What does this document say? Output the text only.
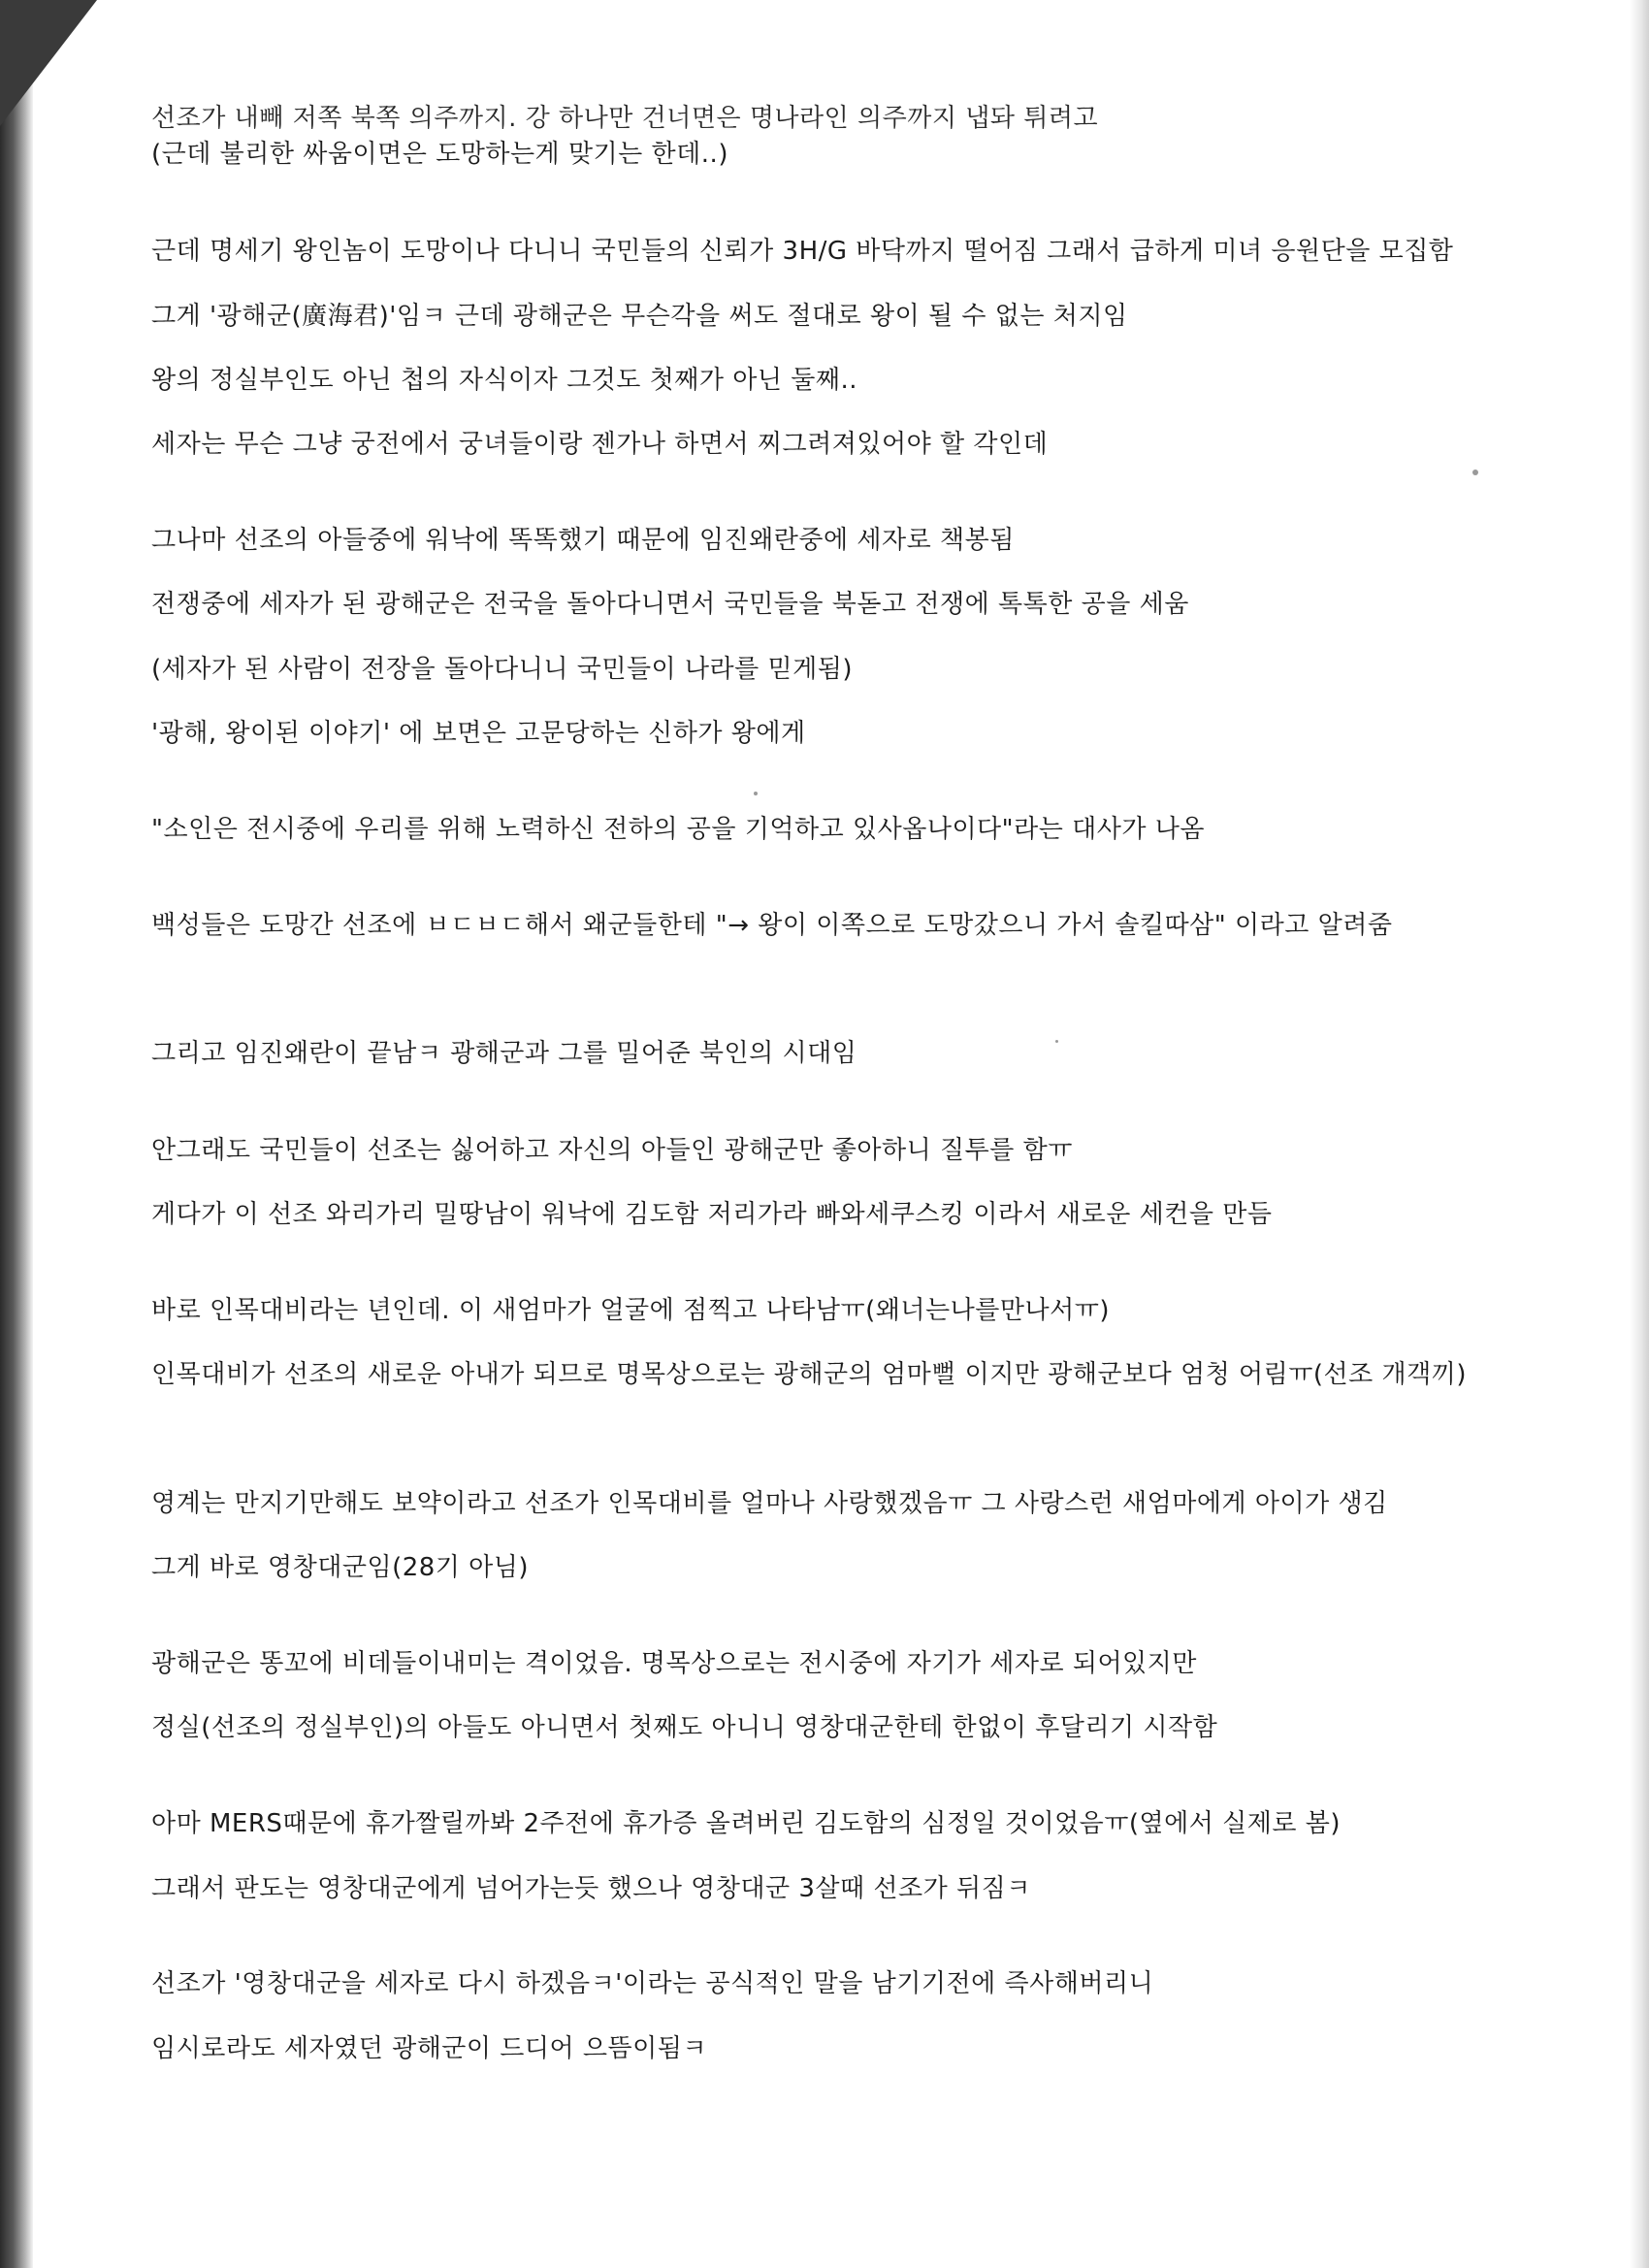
선조가 내빼 저쪽 북쪽 의주까지. 강 하나만 건너면은 명나라인 의주까지 냅돠 튀려고
(근데 불리한 싸움이면은 도망하는게 맞기는 한데..)
근데 명세기 왕인놈이 도망이나 다니니 국민들의 신뢰가 3H/G 바닥까지 떨어짐 그래서 급하게 미녀 응원단을 모집함
그게 '광해군(廣海君)'임ㅋ 근데 광해군은 무슨각을 써도 절대로 왕이 될 수 없는 처지임
왕의 정실부인도 아닌 첩의 자식이자 그것도 첫째가 아닌 둘째..
세자는 무슨 그냥 궁전에서 궁녀들이랑 젠가나 하면서 찌그려져있어야 할 각인데
그나마 선조의 아들중에 워낙에 똑똑했기 때문에 임진왜란중에 세자로 책봉됨
전쟁중에 세자가 된 광해군은 전국을 돌아다니면서 국민들을 북돋고 전쟁에 톡톡한 공을 세움
(세자가 된 사람이 전장을 돌아다니니 국민들이 나라를 믿게됨)
'광해, 왕이된 이야기' 에 보면은 고문당하는 신하가 왕에게
"소인은 전시중에 우리를 위해 노력하신 전하의 공을 기억하고 있사옵나이다"라는 대사가 나옴
백성들은 도망간 선조에 ㅂㄷㅂㄷ해서 왜군들한테 "→ 왕이 이쪽으로 도망갔으니 가서 솔킬따삼" 이라고 알려줌
그리고 임진왜란이 끝남ㅋ 광해군과 그를 밀어준 북인의 시대임
안그래도 국민들이 선조는 싫어하고 자신의 아들인 광해군만 좋아하니 질투를 함ㅠ
게다가 이 선조 와리가리 밀땅남이 워낙에 김도함 저리가라 빠와세쿠스킹 이라서 새로운 세컨을 만듬
바로 인목대비라는 년인데. 이 새엄마가 얼굴에 점찍고 나타남ㅠ(왜너는나를만나서ㅠ)
인목대비가 선조의 새로운 아내가 되므로 명목상으로는 광해군의 엄마뻘 이지만 광해군보다 엄청 어림ㅠ(선조 개객끼)
영계는 만지기만해도 보약이라고 선조가 인목대비를 얼마나 사랑했겠음ㅠ 그 사랑스런 새엄마에게 아이가 생김
그게 바로 영창대군임(28기 아님)
광해군은 똥꼬에 비데들이내미는 격이었음. 명목상으로는 전시중에 자기가 세자로 되어있지만
정실(선조의 정실부인)의 아들도 아니면서 첫째도 아니니 영창대군한테 한없이 후달리기 시작함
아마 MERS때문에 휴가짤릴까봐 2주전에 휴가증 올려버린 김도함의 심정일 것이었음ㅠ(옆에서 실제로 봄)
그래서 판도는 영창대군에게 넘어가는듯 했으나 영창대군 3살때 선조가 뒤짐ㅋ
선조가 '영창대군을 세자로 다시 하겠음ㅋ'이라는 공식적인 말을 남기기전에 즉사해버리니
임시로라도 세자였던 광해군이 드디어 으뜸이됨ㅋ
